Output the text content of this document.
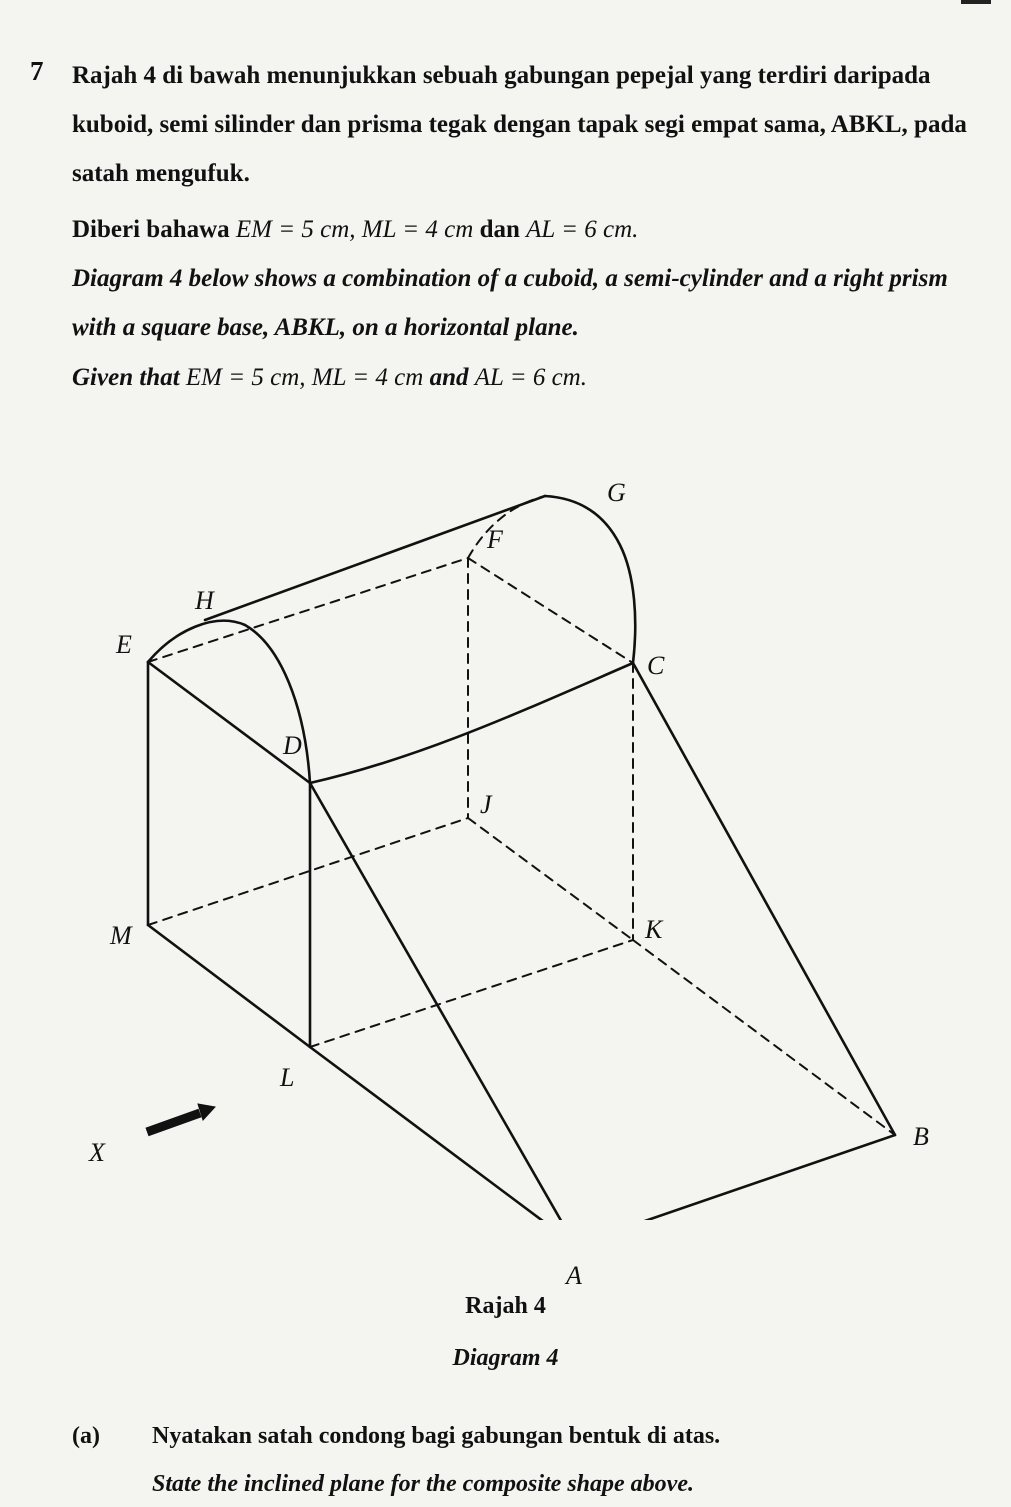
7 Rajah 4 di bawah menunjukkan sebuah gabungan pepejal yang terdiri daripada kuboid, semi silinder dan prisma tegak dengan tapak segi empat sama, ABKL, pada satah mengufuk.

Diberi bahawa EM = 5 cm, ML = 4 cm dan AL = 6 cm.

Diagram 4 below shows a combination of a cuboid, a semi-cylinder and a right prism with a square base, ABKL, on a horizontal plane.

Given that EM = 5 cm, ML = 4 cm and AL = 6 cm.

G
F
H
E
C
D
J
M	K
L
X
B
A
Rajah 4
Diagram 4
(a) Nyatakan satah condong bagi gabungan bentuk di atas.
State the inclined plane for the composite shape above.
